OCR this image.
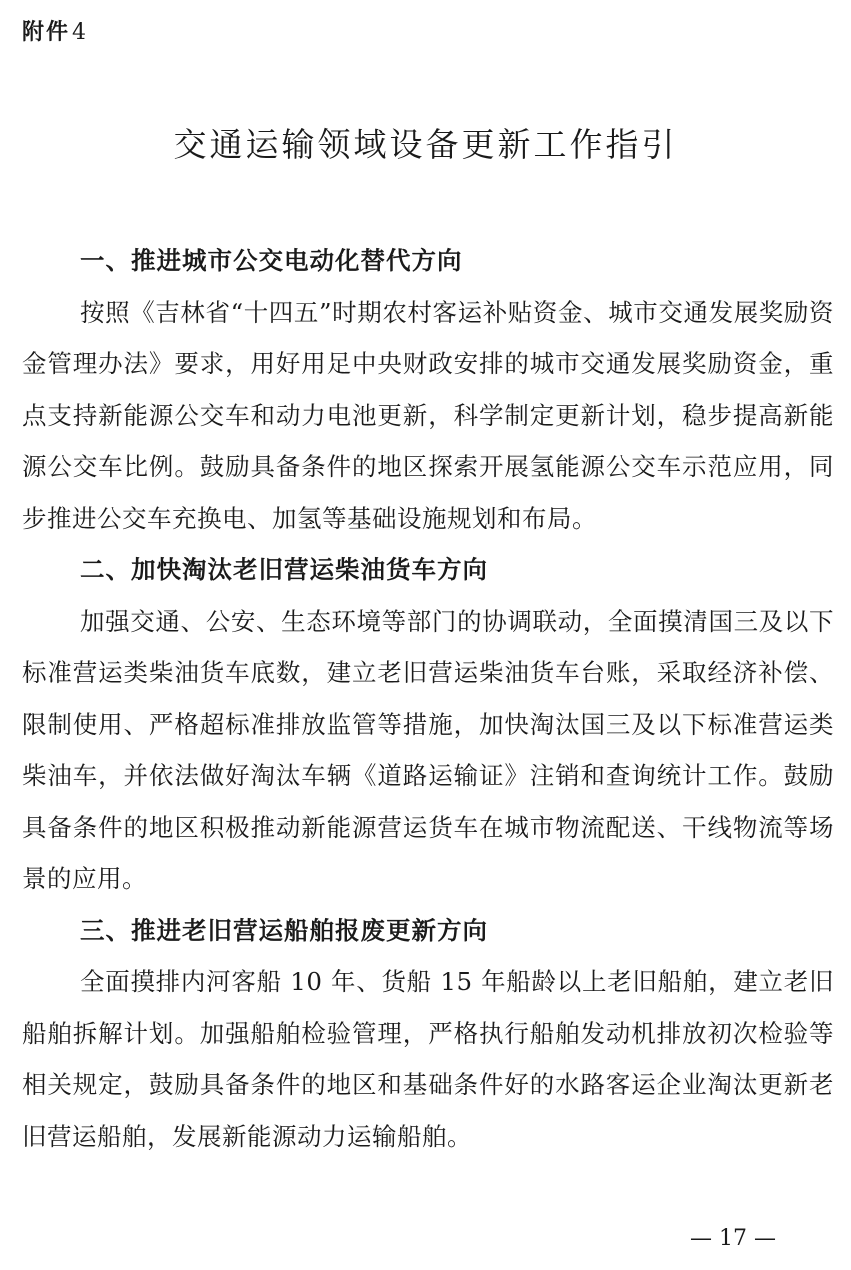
附件4
交通运输领域设备更新工作指引
一、推进城市公交电动化替代方向

按照《吉林省“十四五”时期农村客运补贴资金、城市交通发展奖励资金管理办法》要求，用好用足中央财政安排的城市交通发展奖励资金，重点支持新能源公交车和动力电池更新，科学制定更新计划，稳步提高新能源公交车比例。鼓励具备条件的地区探索开展氢能源公交车示范应用，同步推进公交车充换电、加氢等基础设施规划和布局。

二、加快淘汰老旧营运柴油货车方向

加强交通、公安、生态环境等部门的协调联动，全面摸清国三及以下标准营运类柴油货车底数，建立老旧营运柴油货车台账，采取经济补偿、限制使用、严格超标准排放监管等措施，加快淘汰国三及以下标准营运类柴油车，并依法做好淘汰车辆《道路运输证》注销和查询统计工作。鼓励具备条件的地区积极推动新能源营运货车在城市物流配送、干线物流等场景的应用。

三、推进老旧营运船舶报废更新方向

全面摸排内河客船 10 年、货船 15 年船龄以上老旧船舶，建立老旧船舶拆解计划。加强船舶检验管理，严格执行船舶发动机排放初次检验等相关规定，鼓励具备条件的地区和基础条件好的水路客运企业淘汰更新老旧营运船舶，发展新能源动力运输船舶。

— 17 —
